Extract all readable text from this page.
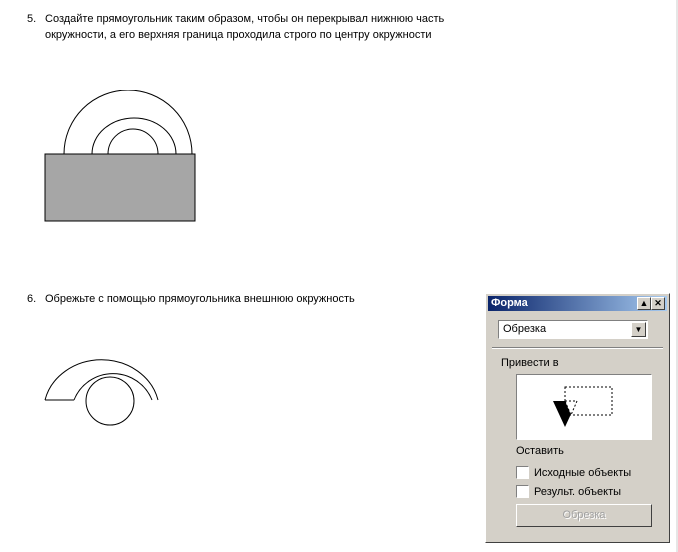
5. Создайте прямоугольник таким образом, чтобы он перекрывал нижнюю часть окружности, а его верхняя граница проходила строго по центру окружности
6. Обрежьте с помощью прямоугольника внешнюю окружность	Форма	▲ ✕
Обрезка	▼
Привести в
Оставить
Исходные объекты
Результ. объекты
Обрезка
